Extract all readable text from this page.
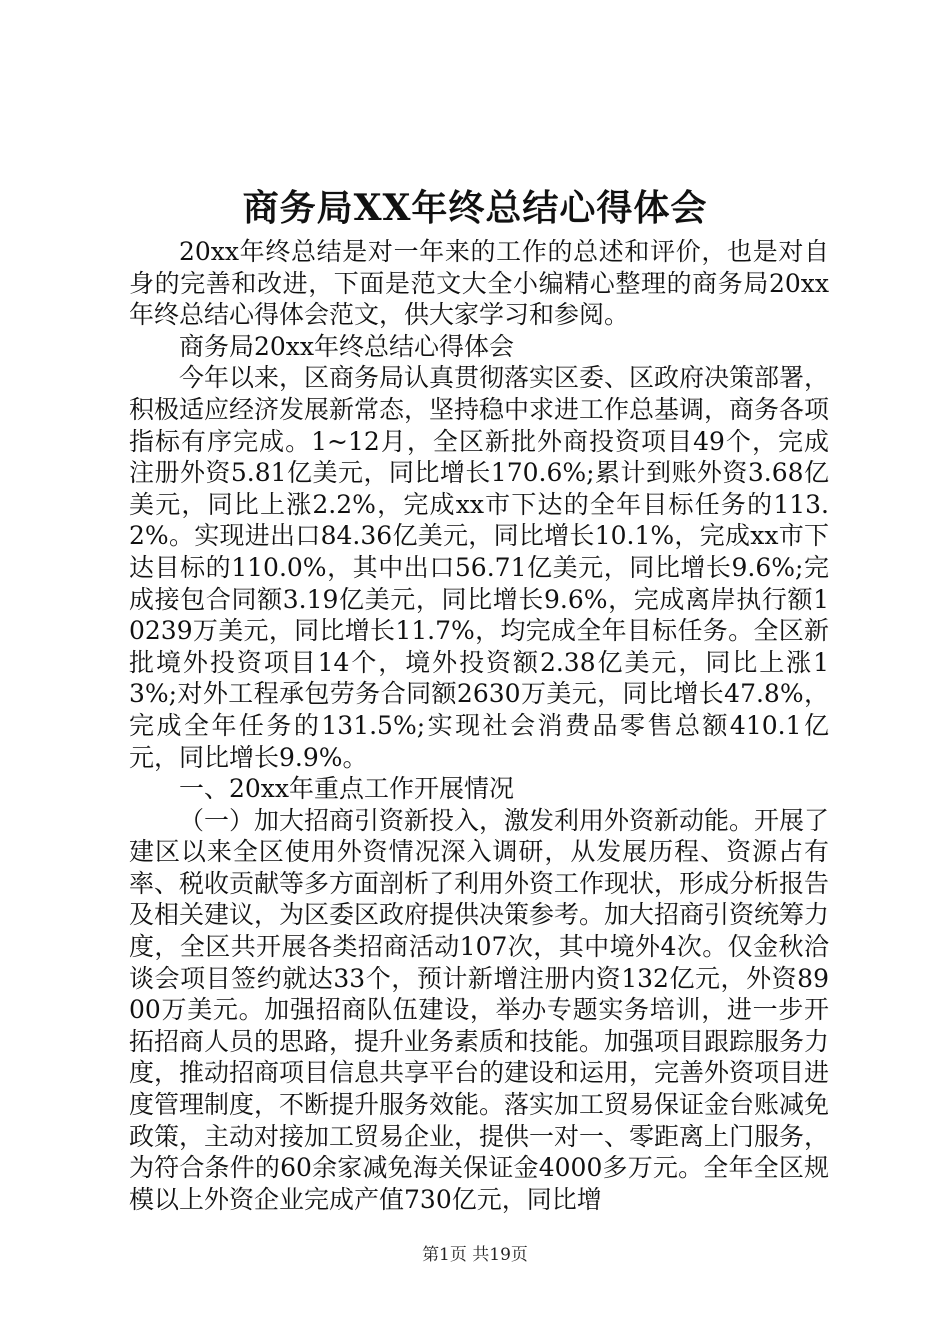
商务局XX年终总结心得体会

20xx年终总结是对一年来的工作的总述和评价，也是对自身的完善和改进，下面是范文大全小编精心整理的商务局20xx年终总结心得体会范文，供大家学习和参阅。

商务局20xx年终总结心得体会

今年以来，区商务局认真贯彻落实区委、区政府决策部署，积极适应经济发展新常态，坚持稳中求进工作总基调，商务各项指标有序完成。1~12月，全区新批外商投资项目49个，完成注册外资5.81亿美元，同比增长170.6%;累计到账外资3.68亿美元，同比上涨2.2%，完成xx市下达的全年目标任务的113.2%。实现进出口84.36亿美元，同比增长10.1%，完成xx市下达目标的110.0%，其中出口56.71亿美元，同比增长9.6%;完成接包合同额3.19亿美元，同比增长9.6%，完成离岸执行额10239万美元，同比增长11.7%，均完成全年目标任务。全区新批境外投资项目14个，境外投资额2.38亿美元，同比上涨13%;对外工程承包劳务合同额2630万美元，同比增长47.8%，完成全年任务的131.5%;实现社会消费品零售总额410.1亿元，同比增长9.9%。

一、20xx年重点工作开展情况

（一）加大招商引资新投入，激发利用外资新动能。开展了建区以来全区使用外资情况深入调研，从发展历程、资源占有率、税收贡献等多方面剖析了利用外资工作现状，形成分析报告及相关建议，为区委区政府提供决策参考。加大招商引资统筹力度，全区共开展各类招商活动107次，其中境外4次。仅金秋洽谈会项目签约就达33个，预计新增注册内资132亿元，外资8900万美元。加强招商队伍建设，举办专题实务培训，进一步开拓招商人员的思路，提升业务素质和技能。加强项目跟踪服务力度，推动招商项目信息共享平台的建设和运用，完善外资项目进度管理制度，不断提升服务效能。落实加工贸易保证金台账减免政策，主动对接加工贸易企业，提供一对一、零距离上门服务，为符合条件的60余家减免海关保证金4000多万元。全年全区规模以上外资企业完成产值730亿元，同比增

第1页 共19页
